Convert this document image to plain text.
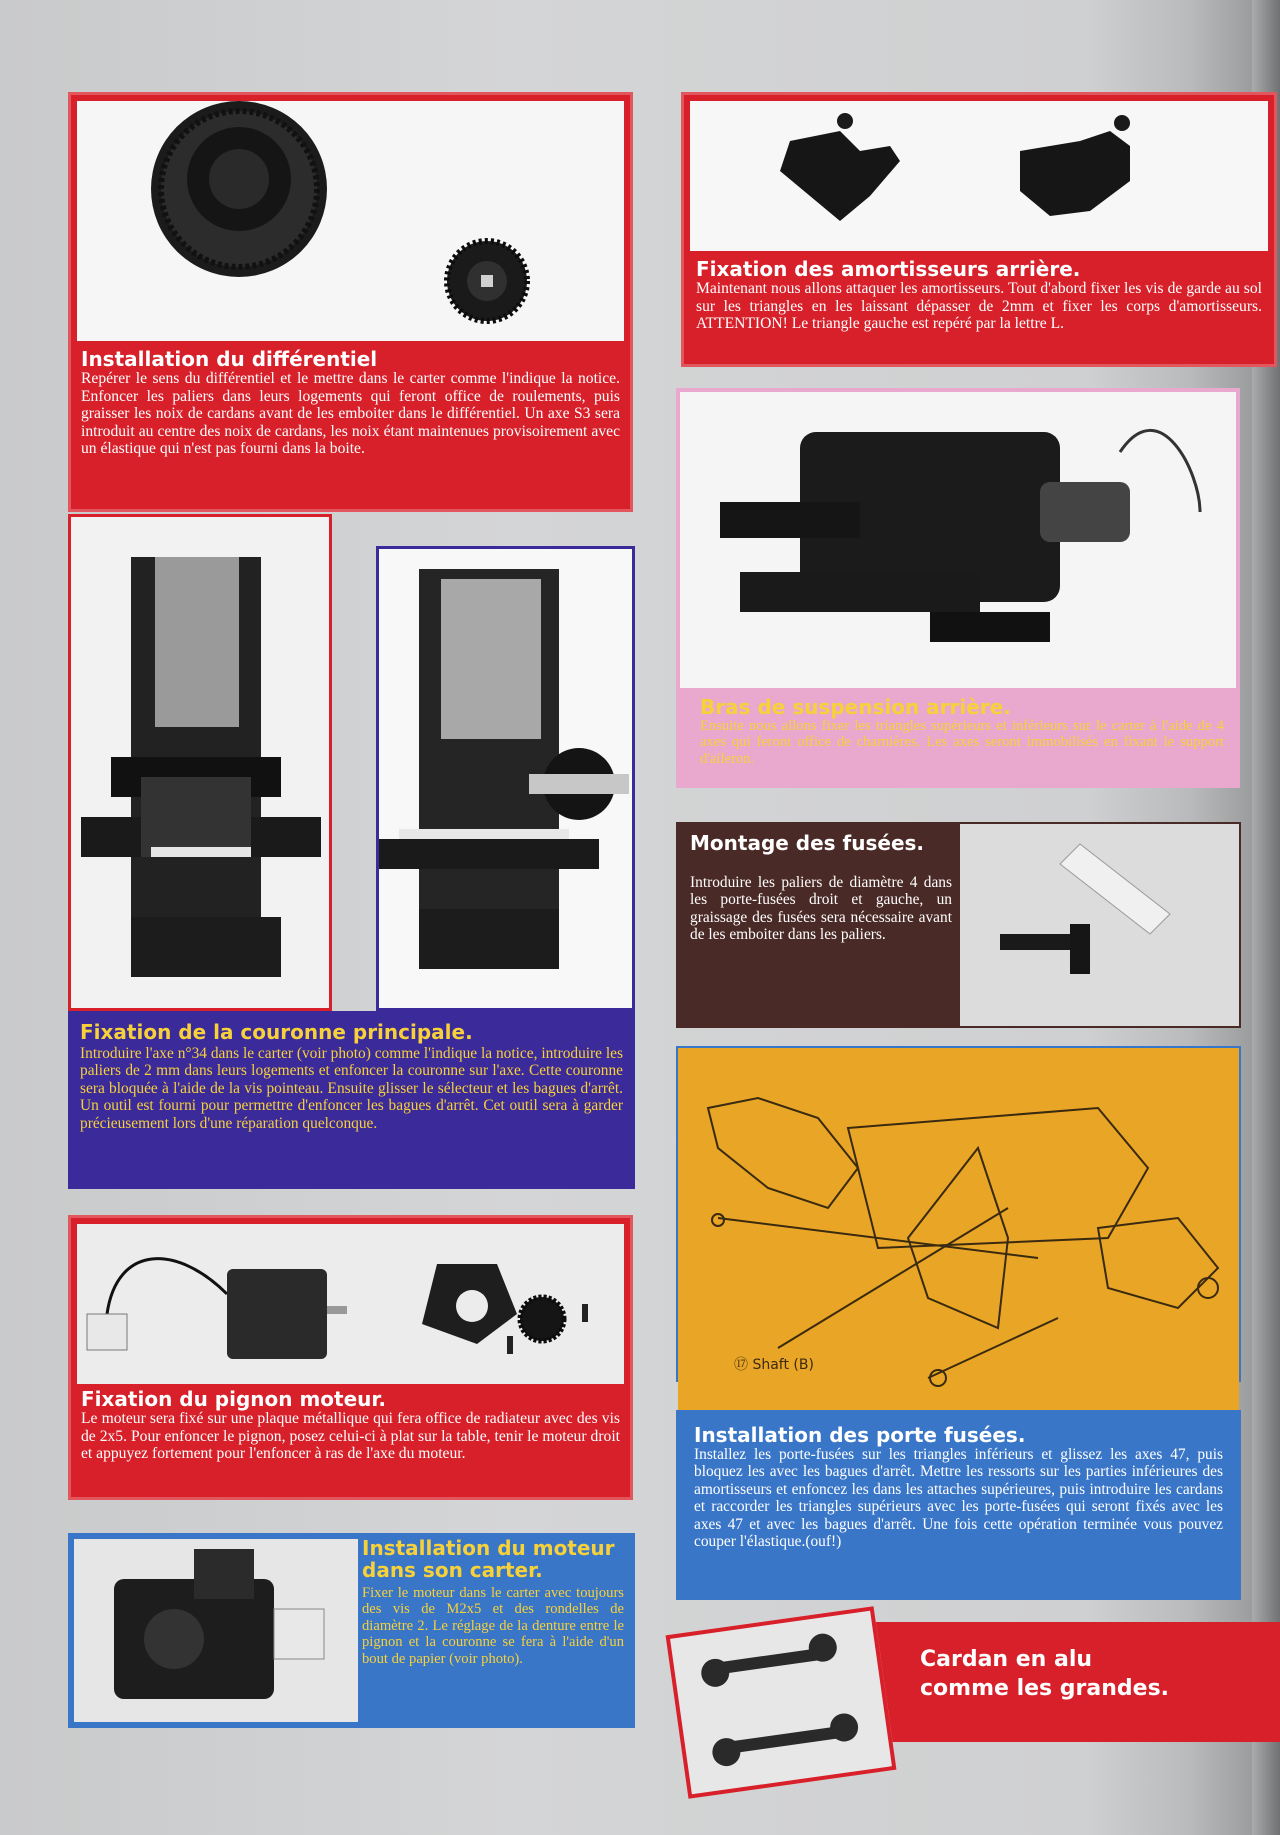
Installation du différentiel

Repérer le sens du différentiel et le mettre dans le carter comme l'indique la notice. Enfoncer les paliers dans leurs logements qui feront office de roulements, puis graisser les noix de cardans avant de les emboiter dans le différentiel. Un axe S3 sera introduit au centre des noix de cardans, les noix étant maintenues provisoirement avec un élastique qui n'est pas fourni dans la boite.

Fixation de la couronne principale.

Introduire l'axe n°34 dans le carter (voir photo) comme l'indique la notice, introduire les paliers de 2 mm dans leurs logements et enfoncer la couronne sur l'axe. Cette couronne sera bloquée à l'aide de la vis pointeau. Ensuite glisser le sélecteur et les bagues d'arrêt. Un outil est fourni pour permettre d'enfoncer les bagues d'arrêt. Cet outil sera à garder précieusement lors d'une réparation quelconque.

Fixation du pignon moteur.

Le moteur sera fixé sur une plaque métallique qui fera office de radiateur avec des vis de 2x5. Pour enfoncer le pignon, posez celui-ci à plat sur la table, tenir le moteur droit et appuyez fortement pour l'enfoncer à ras de l'axe du moteur.

Installation du moteur dans son carter.

Fixer le moteur dans le carter avec toujours des vis de M2x5 et des rondelles de diamètre 2. Le réglage de la denture entre le pignon et la couronne se fera à l'aide d'un bout de papier (voir photo).

Fixation des amortisseurs arrière.

Maintenant nous allons attaquer les amortisseurs. Tout d'abord fixer les vis de garde au sol sur les triangles en les laissant dépasser de 2mm et fixer les corps d'amortisseurs. ATTENTION! Le triangle gauche est repéré par la lettre L.

Bras de suspension arrière.

Ensuite nous allons fixer les triangles supérieurs et inférieurs sur le carter à l'aide de 4 axes qui feront office de charnières. Les axes seront immobilisés en fixant le support d'aileron.

Montage des fusées.

Introduire les paliers de diamètre 4 dans les porte-fusées droit et gauche, un graissage des fusées sera nécessaire avant de les emboiter dans les paliers.

⑰ Shaft (B)
Installation des porte fusées.

Installez les porte-fusées sur les triangles inférieurs et glissez les axes 47, puis bloquez les avec les bagues d'arrêt. Mettre les ressorts sur les parties inférieures des amortisseurs et enfoncez les dans les attaches supérieures, puis introduire les cardans et raccorder les triangles supérieurs avec les porte-fusées qui seront fixés avec les axes 47 et avec les bagues d'arrêt. Une fois cette opération terminée vous pouvez couper l'élastique.(ouf!)

Cardan en alu comme les grandes.
